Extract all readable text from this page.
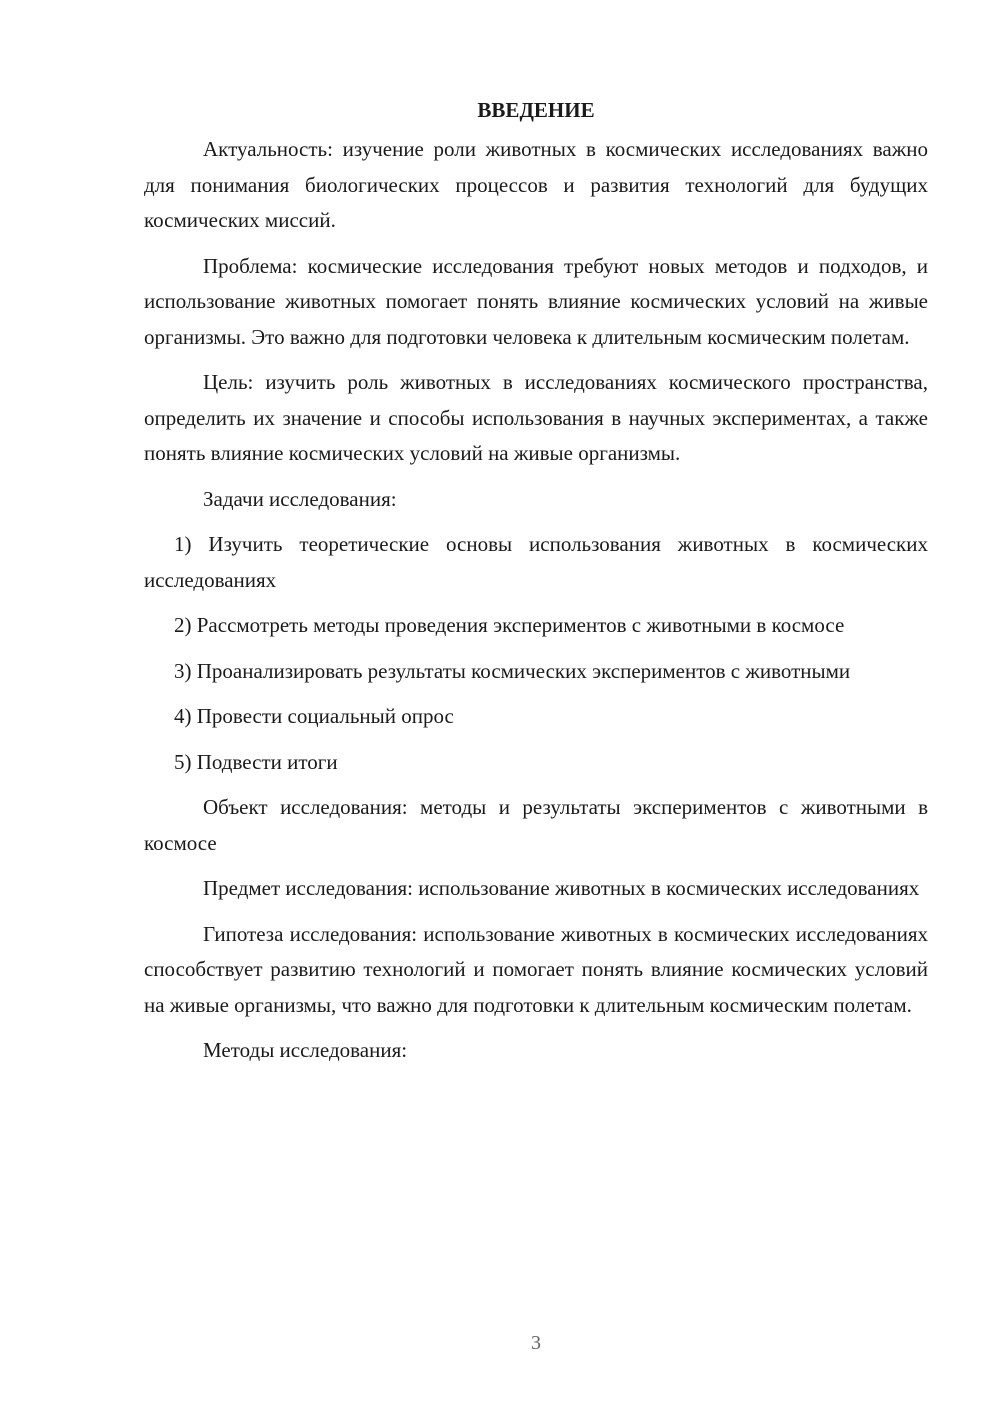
ВВЕДЕНИЕ

Актуальность: изучение роли животных в космических исследованиях важно для понимания биологических процессов и развития технологий для будущих космических миссий.

Проблема: космические исследования требуют новых методов и подходов, и использование животных помогает понять влияние космических условий на живые организмы. Это важно для подготовки человека к длительным космическим полетам.

Цель: изучить роль животных в исследованиях космического пространства, определить их значение и способы использования в научных экспериментах, а также понять влияние космических условий на живые организмы.

Задачи исследования:

1) Изучить теоретические основы использования животных в космических исследованиях

2) Рассмотреть методы проведения экспериментов с животными в космосе

3) Проанализировать результаты космических экспериментов с животными

4) Провести социальный опрос

5) Подвести итоги

Объект исследования: методы и результаты экспериментов с животными в космосе

Предмет исследования: использование животных в космических исследованиях

Гипотеза исследования: использование животных в космических исследованиях способствует развитию технологий и помогает понять влияние космических условий на живые организмы, что важно для подготовки к длительным космическим полетам.

Методы исследования:

3
